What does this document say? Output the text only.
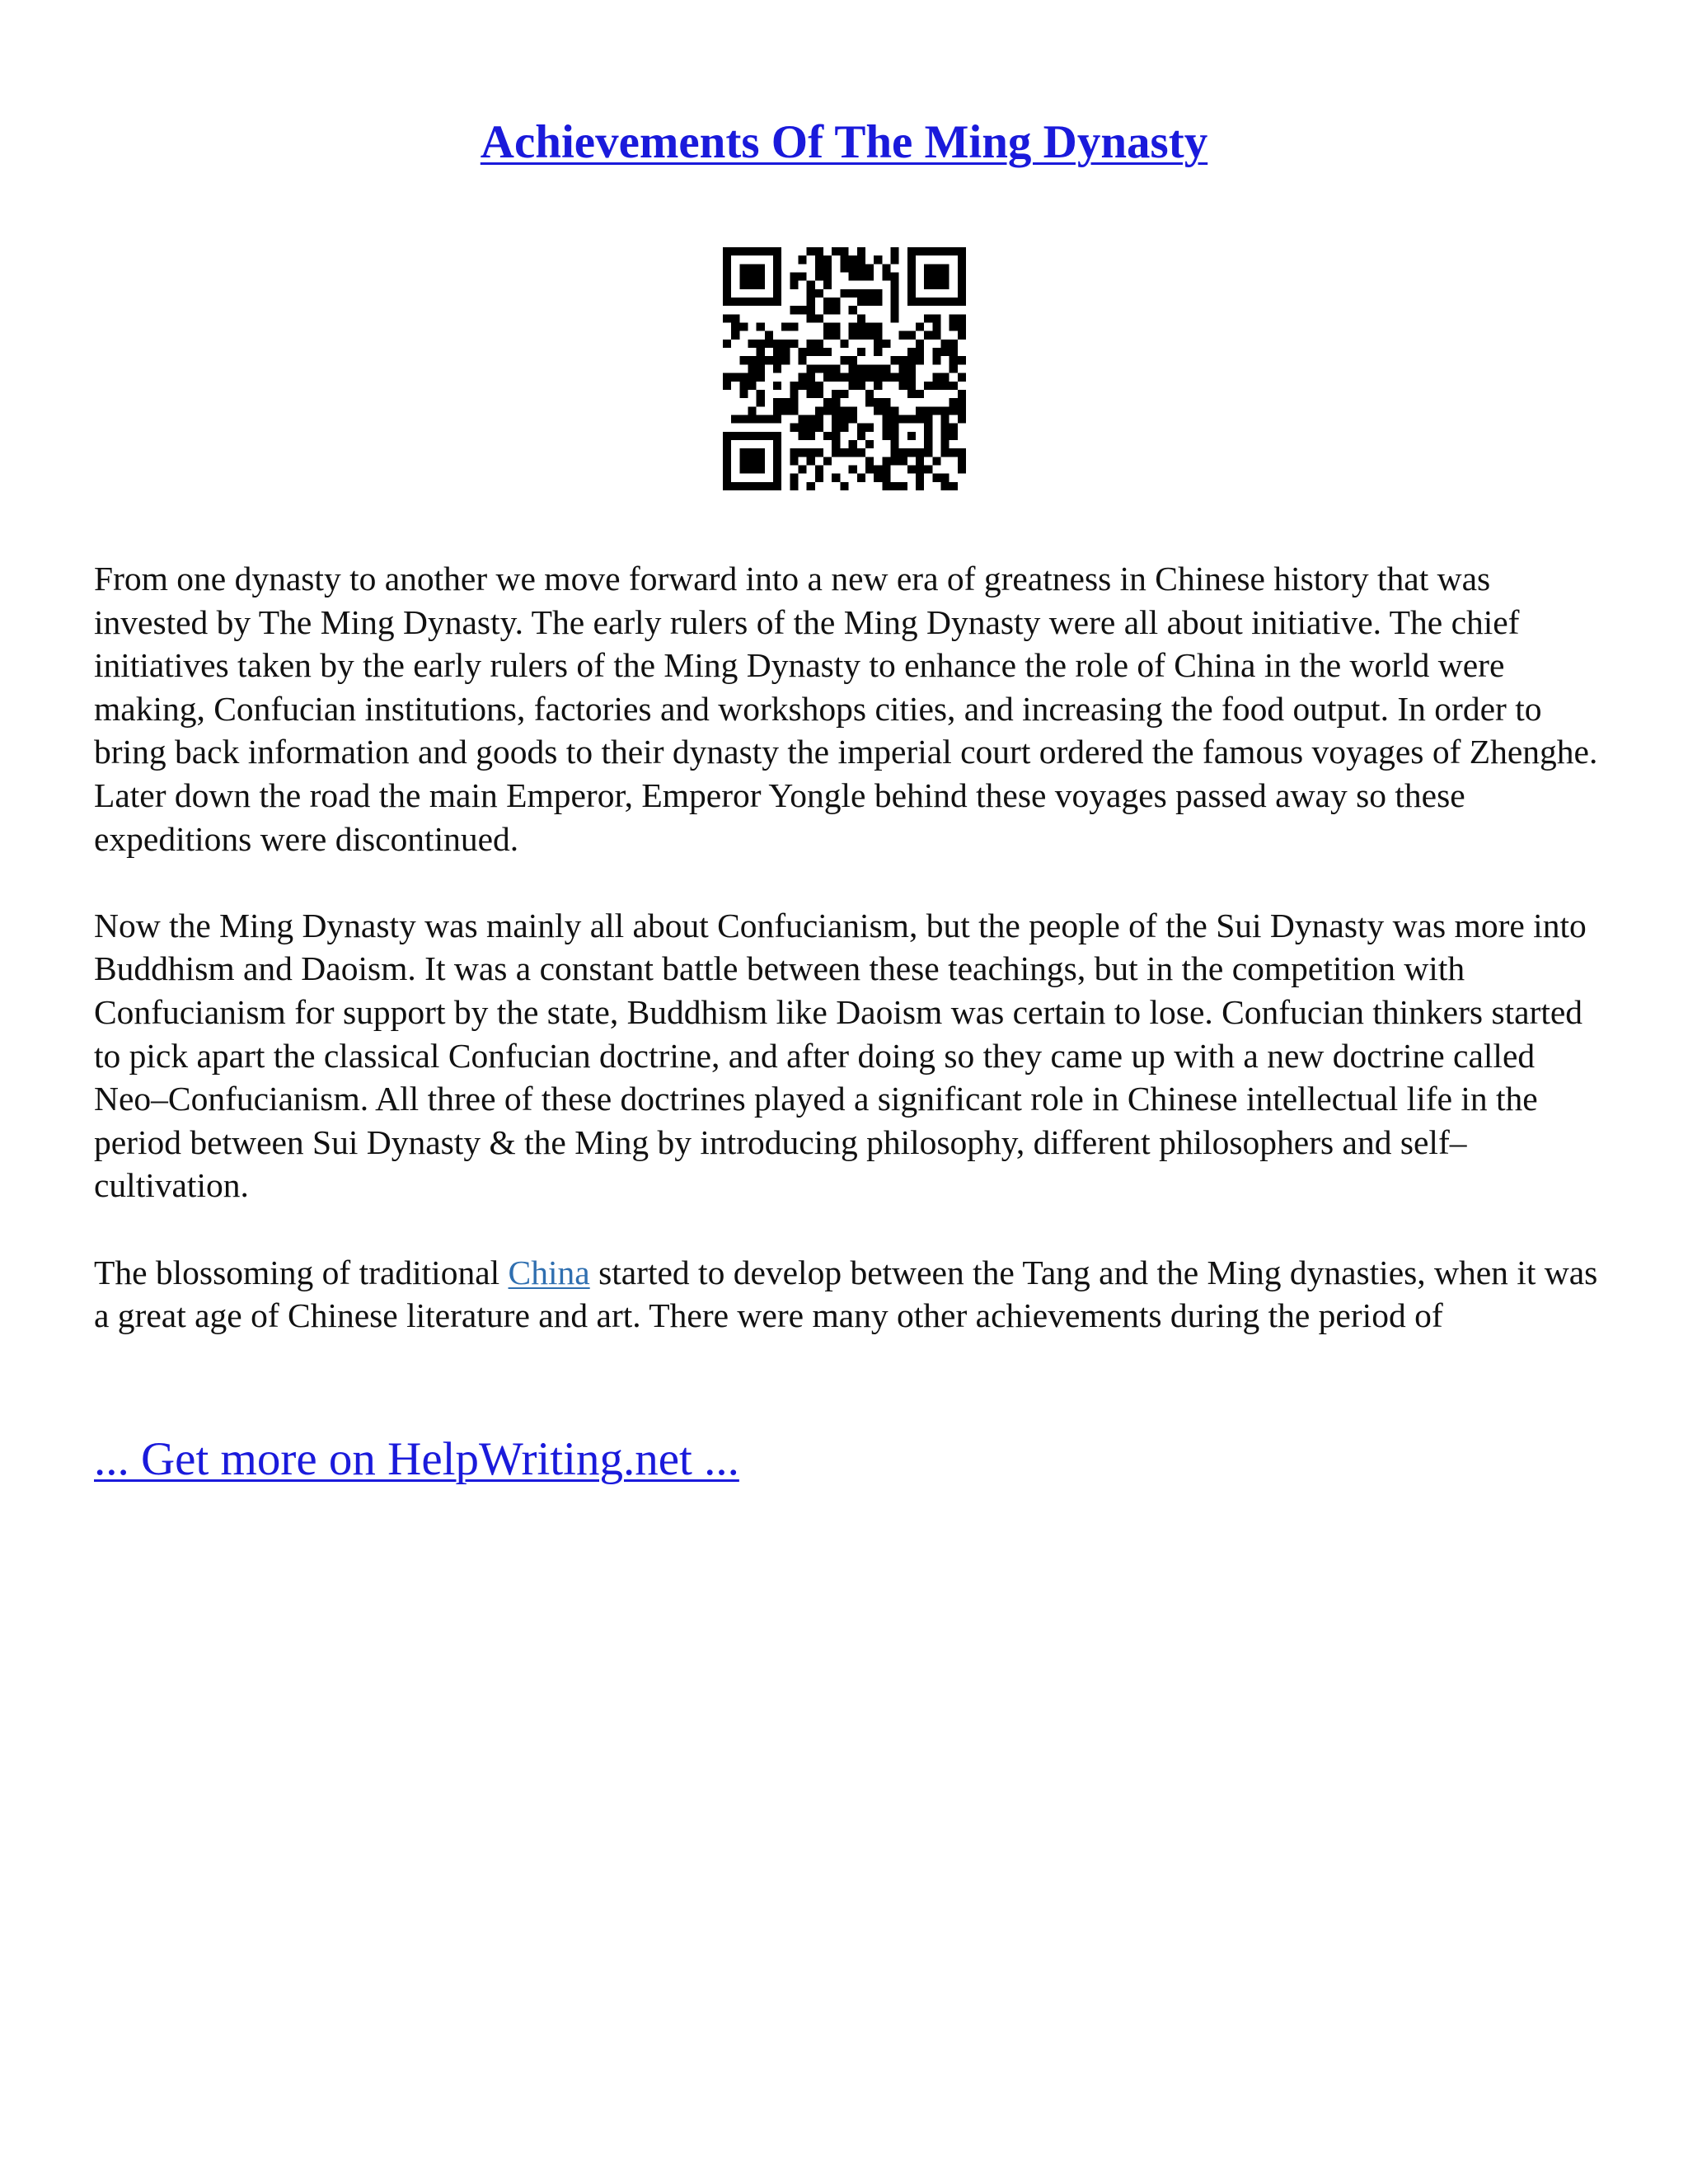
Achievements Of The Ming Dynasty

From one dynasty to another we move forward into a new era of greatness in Chinese history that was invested by The Ming Dynasty. The early rulers of the Ming Dynasty were all about initiative. The chief initiatives taken by the early rulers of the Ming Dynasty to enhance the role of China in the world were making, Confucian institutions, factories and workshops cities, and increasing the food output. In order to bring back information and goods to their dynasty the imperial court ordered the famous voyages of Zhenghe. Later down the road the main Emperor, Emperor Yongle behind these voyages passed away so these expeditions were discontinued.

Now the Ming Dynasty was mainly all about Confucianism, but the people of the Sui Dynasty was more into Buddhism and Daoism. It was a constant battle between these teachings, but in the competition with Confucianism for support by the state, Buddhism like Daoism was certain to lose. Confucian thinkers started to pick apart the classical Confucian doctrine, and after doing so they came up with a new doctrine called Neo–Confucianism. All three of these doctrines played a significant role in Chinese intellectual life in the period between Sui Dynasty & the Ming by introducing philosophy, different philosophers and self–cultivation.

The blossoming of traditional China started to develop between the Tang and the Ming dynasties, when it was a great age of Chinese literature and art. There were many other achievements during the period of

... Get more on HelpWriting.net ...
